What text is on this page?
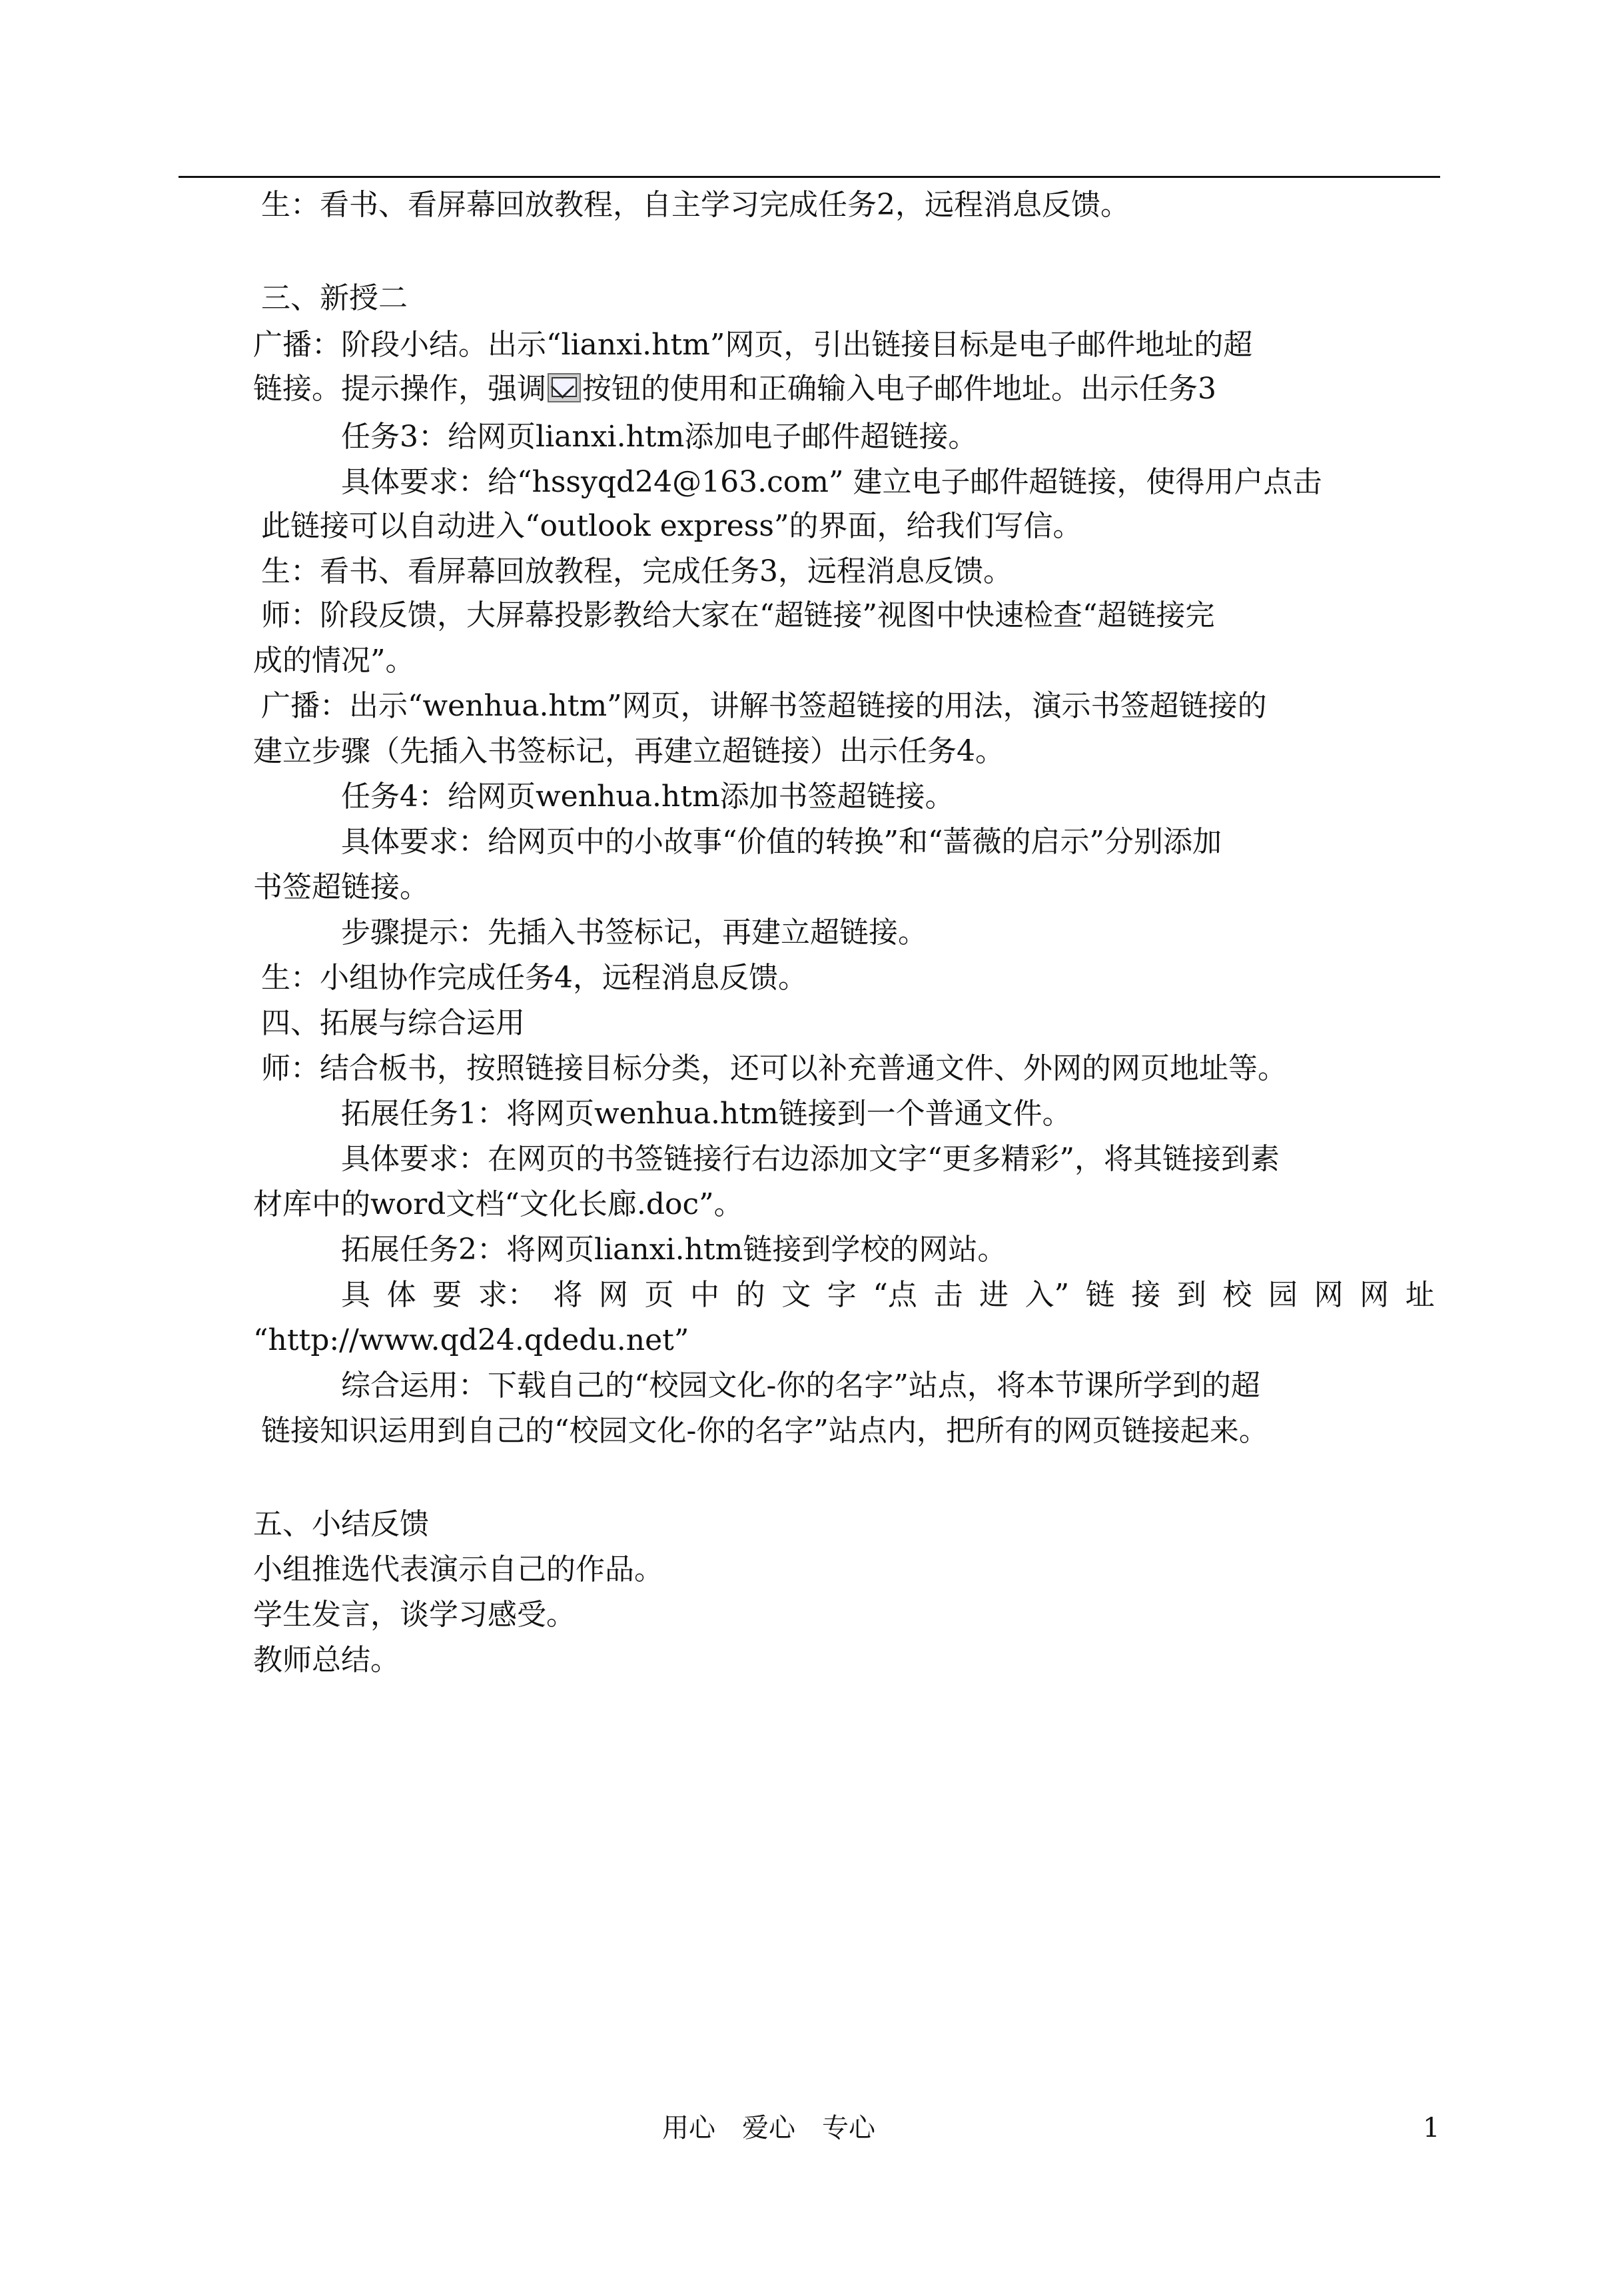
生：看书、看屏幕回放教程，自主学习完成任务2，远程消息反馈。
三、新授二
广播：阶段小结。出示“lianxi.htm”网页，引出链接目标是电子邮件地址的超
链接。提示操作，强调 按钮的使用和正确输入电子邮件地址。出示任务3
任务3：给网页lianxi.htm添加电子邮件超链接。
具体要求：给“hssyqd24@163.com” 建立电子邮件超链接，使得用户点击
此链接可以自动进入“outlook express”的界面，给我们写信。
生：看书、看屏幕回放教程，完成任务3，远程消息反馈。
师：阶段反馈，大屏幕投影教给大家在“超链接”视图中快速检查“超链接完
成的情况”。
广播：出示“wenhua.htm”网页，讲解书签超链接的用法，演示书签超链接的
建立步骤（先插入书签标记，再建立超链接）出示任务4。
任务4：给网页wenhua.htm添加书签超链接。
具体要求：给网页中的小故事“价值的转换”和“蔷薇的启示”分别添加
书签超链接。
步骤提示：先插入书签标记，再建立超链接。
生：小组协作完成任务4，远程消息反馈。
四、拓展与综合运用
师：结合板书，按照链接目标分类，还可以补充普通文件、外网的网页地址等。
拓展任务1：将网页wenhua.htm链接到一个普通文件。
具体要求：在网页的书签链接行右边添加文字“更多精彩”，将其链接到素
材库中的word文档“文化长廊.doc”。
拓展任务2：将网页lianxi.htm链接到学校的网站。
具 体 要 求： 将 网 页 中 的 文 字 “点 击 进 入” 链 接 到 校 园 网 网 址
“http://www.qd24.qdedu.net”
综合运用：下载自己的“校园文化-你的名字”站点，将本节课所学到的超
链接知识运用到自己的“校园文化-你的名字”站点内，把所有的网页链接起来。
五、小结反馈
小组推选代表演示自己的作品。
学生发言，谈学习感受。
教师总结。
用心　爱心　专心	1
